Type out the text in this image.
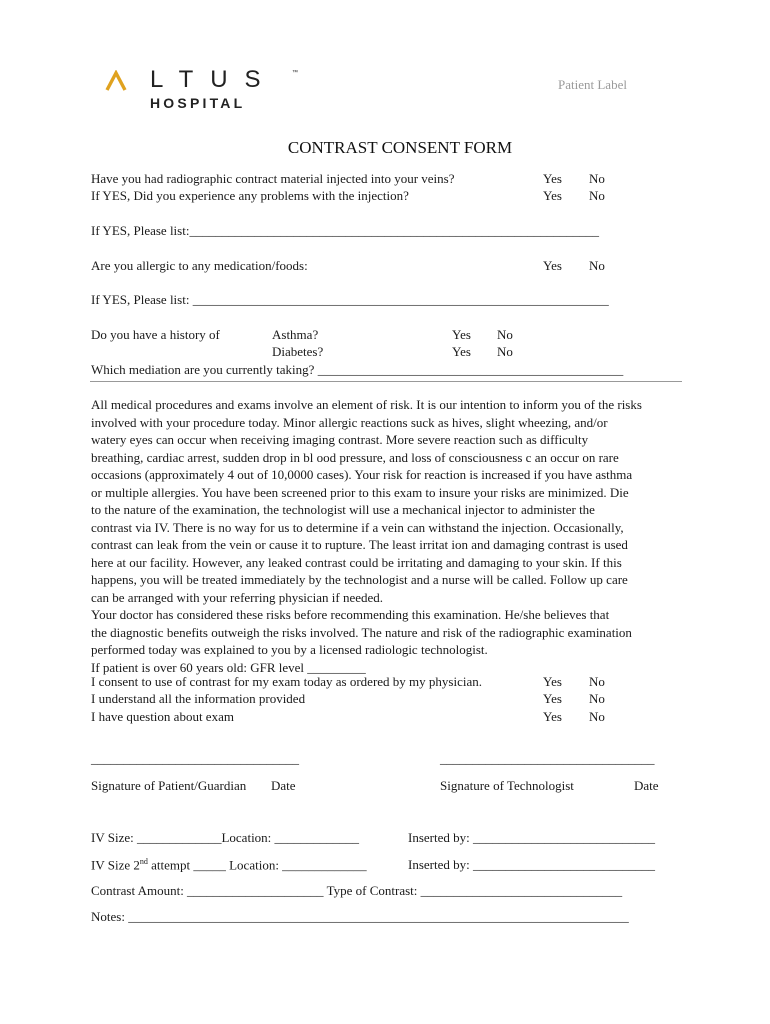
LTUS ™
HOSPITAL
Patient Label
CONTRAST CONSENT FORM
Have you had radiographic contract material injected into your veins?	Yes No
If YES, Did you experience any problems with the injection?	Yes No
If YES, Please list:_______________________________________________________________
Are you allergic to any medication/foods:	Yes No
If YES, Please list: ________________________________________________________________
Do you have a history of	Asthma?	Yes No
Diabetes?	Yes No
Which mediation are you currently taking? _______________________________________________
All medical procedures and exams involve an element of risk. It is our intention to inform you of the risks
involved with your procedure today. Minor allergic reactions suck as hives, slight wheezing, and/or
watery eyes can occur when receiving imaging contrast. More severe reaction such as difficulty
breathing, cardiac arrest, sudden drop in bl ood pressure, and loss of consciousness c an occur on rare
occasions (approximately 4 out of 10,0000 cases). Your risk for reaction is increased if you have asthma
or multiple allergies. You have been screened prior to this exam to insure your risks are minimized. Die
to the nature of the examination, the technologist will use a mechanical injector to administer the
contrast via IV. There is no way for us to determine if a vein can withstand the injection. Occasionally,
contrast can leak from the vein or cause it to rupture. The least irritat ion and damaging contrast is used
here at our facility. However, any leaked contrast could be irritating and damaging to your skin. If this
happens, you will be treated immediately by the technologist and a nurse will be called. Follow up care
can be arranged with your referring physician if needed.
Your doctor has considered these risks before recommending this examination. He/she believes that
the diagnostic benefits outweigh the risks involved. The nature and risk of the radiographic examination
performed today was explained to you by a licensed radiologic technologist.
If patient is over 60 years old: GFR level _________
I consent to use of contrast for my exam today as ordered by my physician.	Yes No
I understand all the information provided	Yes No
I have question about exam	Yes No
________________________________	_________________________________
Signature of Patient/Guardian Date	Signature of Technologist	Date
IV Size: _____________Location: _____________	Inserted by: ____________________________
IV Size 2nd attempt _____ Location: _____________	Inserted by: ____________________________
Contrast Amount: _____________________ Type of Contrast: _______________________________
Notes: _____________________________________________________________________________
